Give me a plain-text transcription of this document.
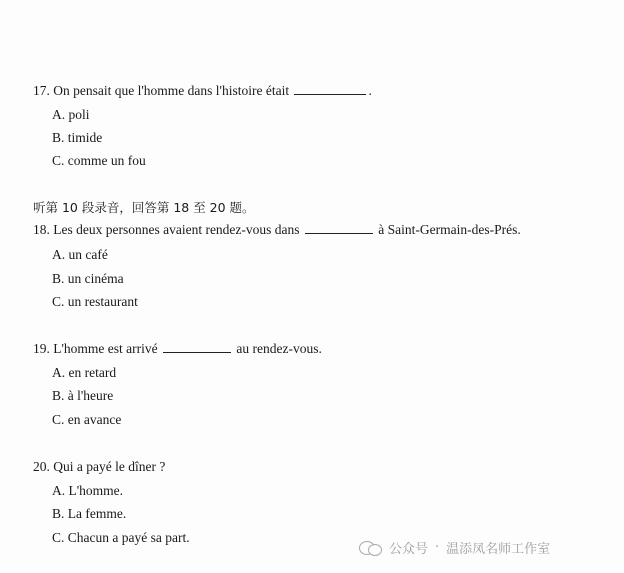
17. On pensait que l'homme dans l'histoire était	.
A. poli
B. timide
C. comme un fou
听第 10 段录音，回答第 18 至 20 题。
18. Les deux personnes avaient rendez-vous dans	à Saint-Germain-des-Prés.
A. un café
B. un cinéma
C. un restaurant
19. L'homme est arrivé	au rendez-vous.
A. en retard
B. à l'heure
C. en avance
20. Qui a payé le dîner ?
A. L'homme.
B. La femme.
C. Chacun a payé sa part.
公众号 · 温添凤名师工作室
